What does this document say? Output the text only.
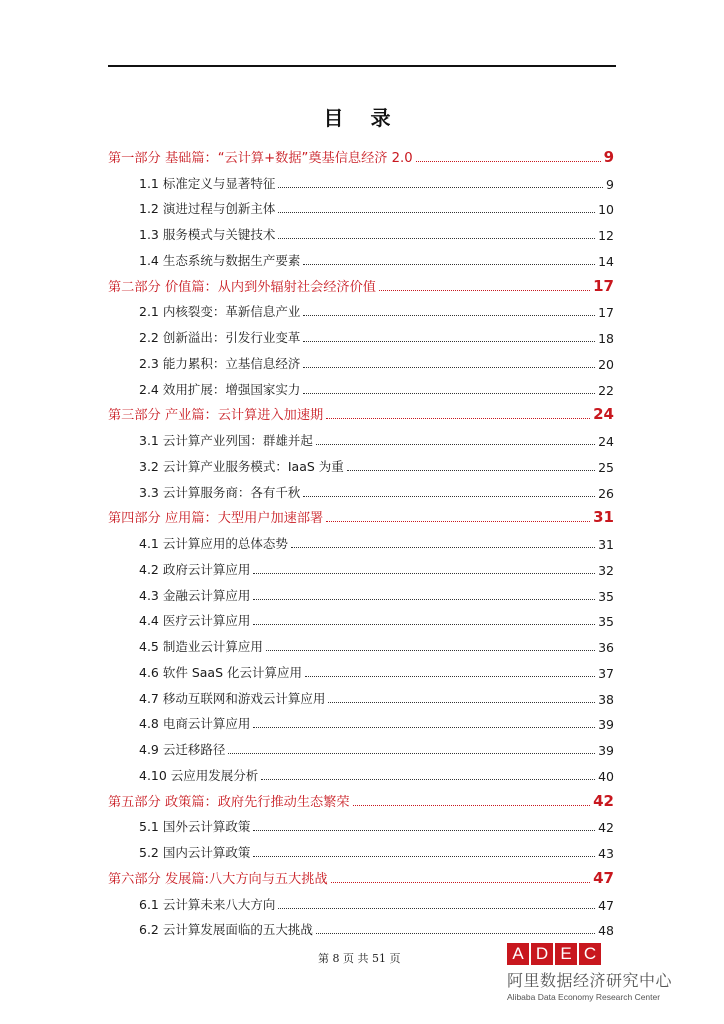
目 录
第一部分 基础篇：“云计算+数据”奠基信息经济 2.0	9
1.1 标准定义与显著特征	9
1.2 演进过程与创新主体	10
1.3 服务模式与关键技术	12
1.4 生态系统与数据生产要素	14
第二部分 价值篇：从内到外辐射社会经济价值	17
2.1 内核裂变：革新信息产业	17
2.2 创新溢出：引发行业变革	18
2.3 能力累积：立基信息经济	20
2.4 效用扩展：增强国家实力	22
第三部分 产业篇：云计算进入加速期	24
3.1 云计算产业列国：群雄并起	24
3.2 云计算产业服务模式：IaaS 为重	25
3.3 云计算服务商：各有千秋	26
第四部分 应用篇：大型用户加速部署	31
4.1 云计算应用的总体态势	31
4.2 政府云计算应用	32
4.3 金融云计算应用	35
4.4 医疗云计算应用	35
4.5 制造业云计算应用	36
4.6 软件 SaaS 化云计算应用	37
4.7 移动互联网和游戏云计算应用	38
4.8 电商云计算应用	39
4.9 云迁移路径	39
4.10 云应用发展分析	40
第五部分 政策篇：政府先行推动生态繁荣	42
5.1 国外云计算政策	42
5.2 国内云计算政策	43
第六部分 发展篇:八大方向与五大挑战	47
6.1 云计算未来八大方向	47
6.2 云计算发展面临的五大挑战	48
第 8 页 共 51 页	A D E C
阿里数据经济研究中心
Alibaba Data Economy Research Center
